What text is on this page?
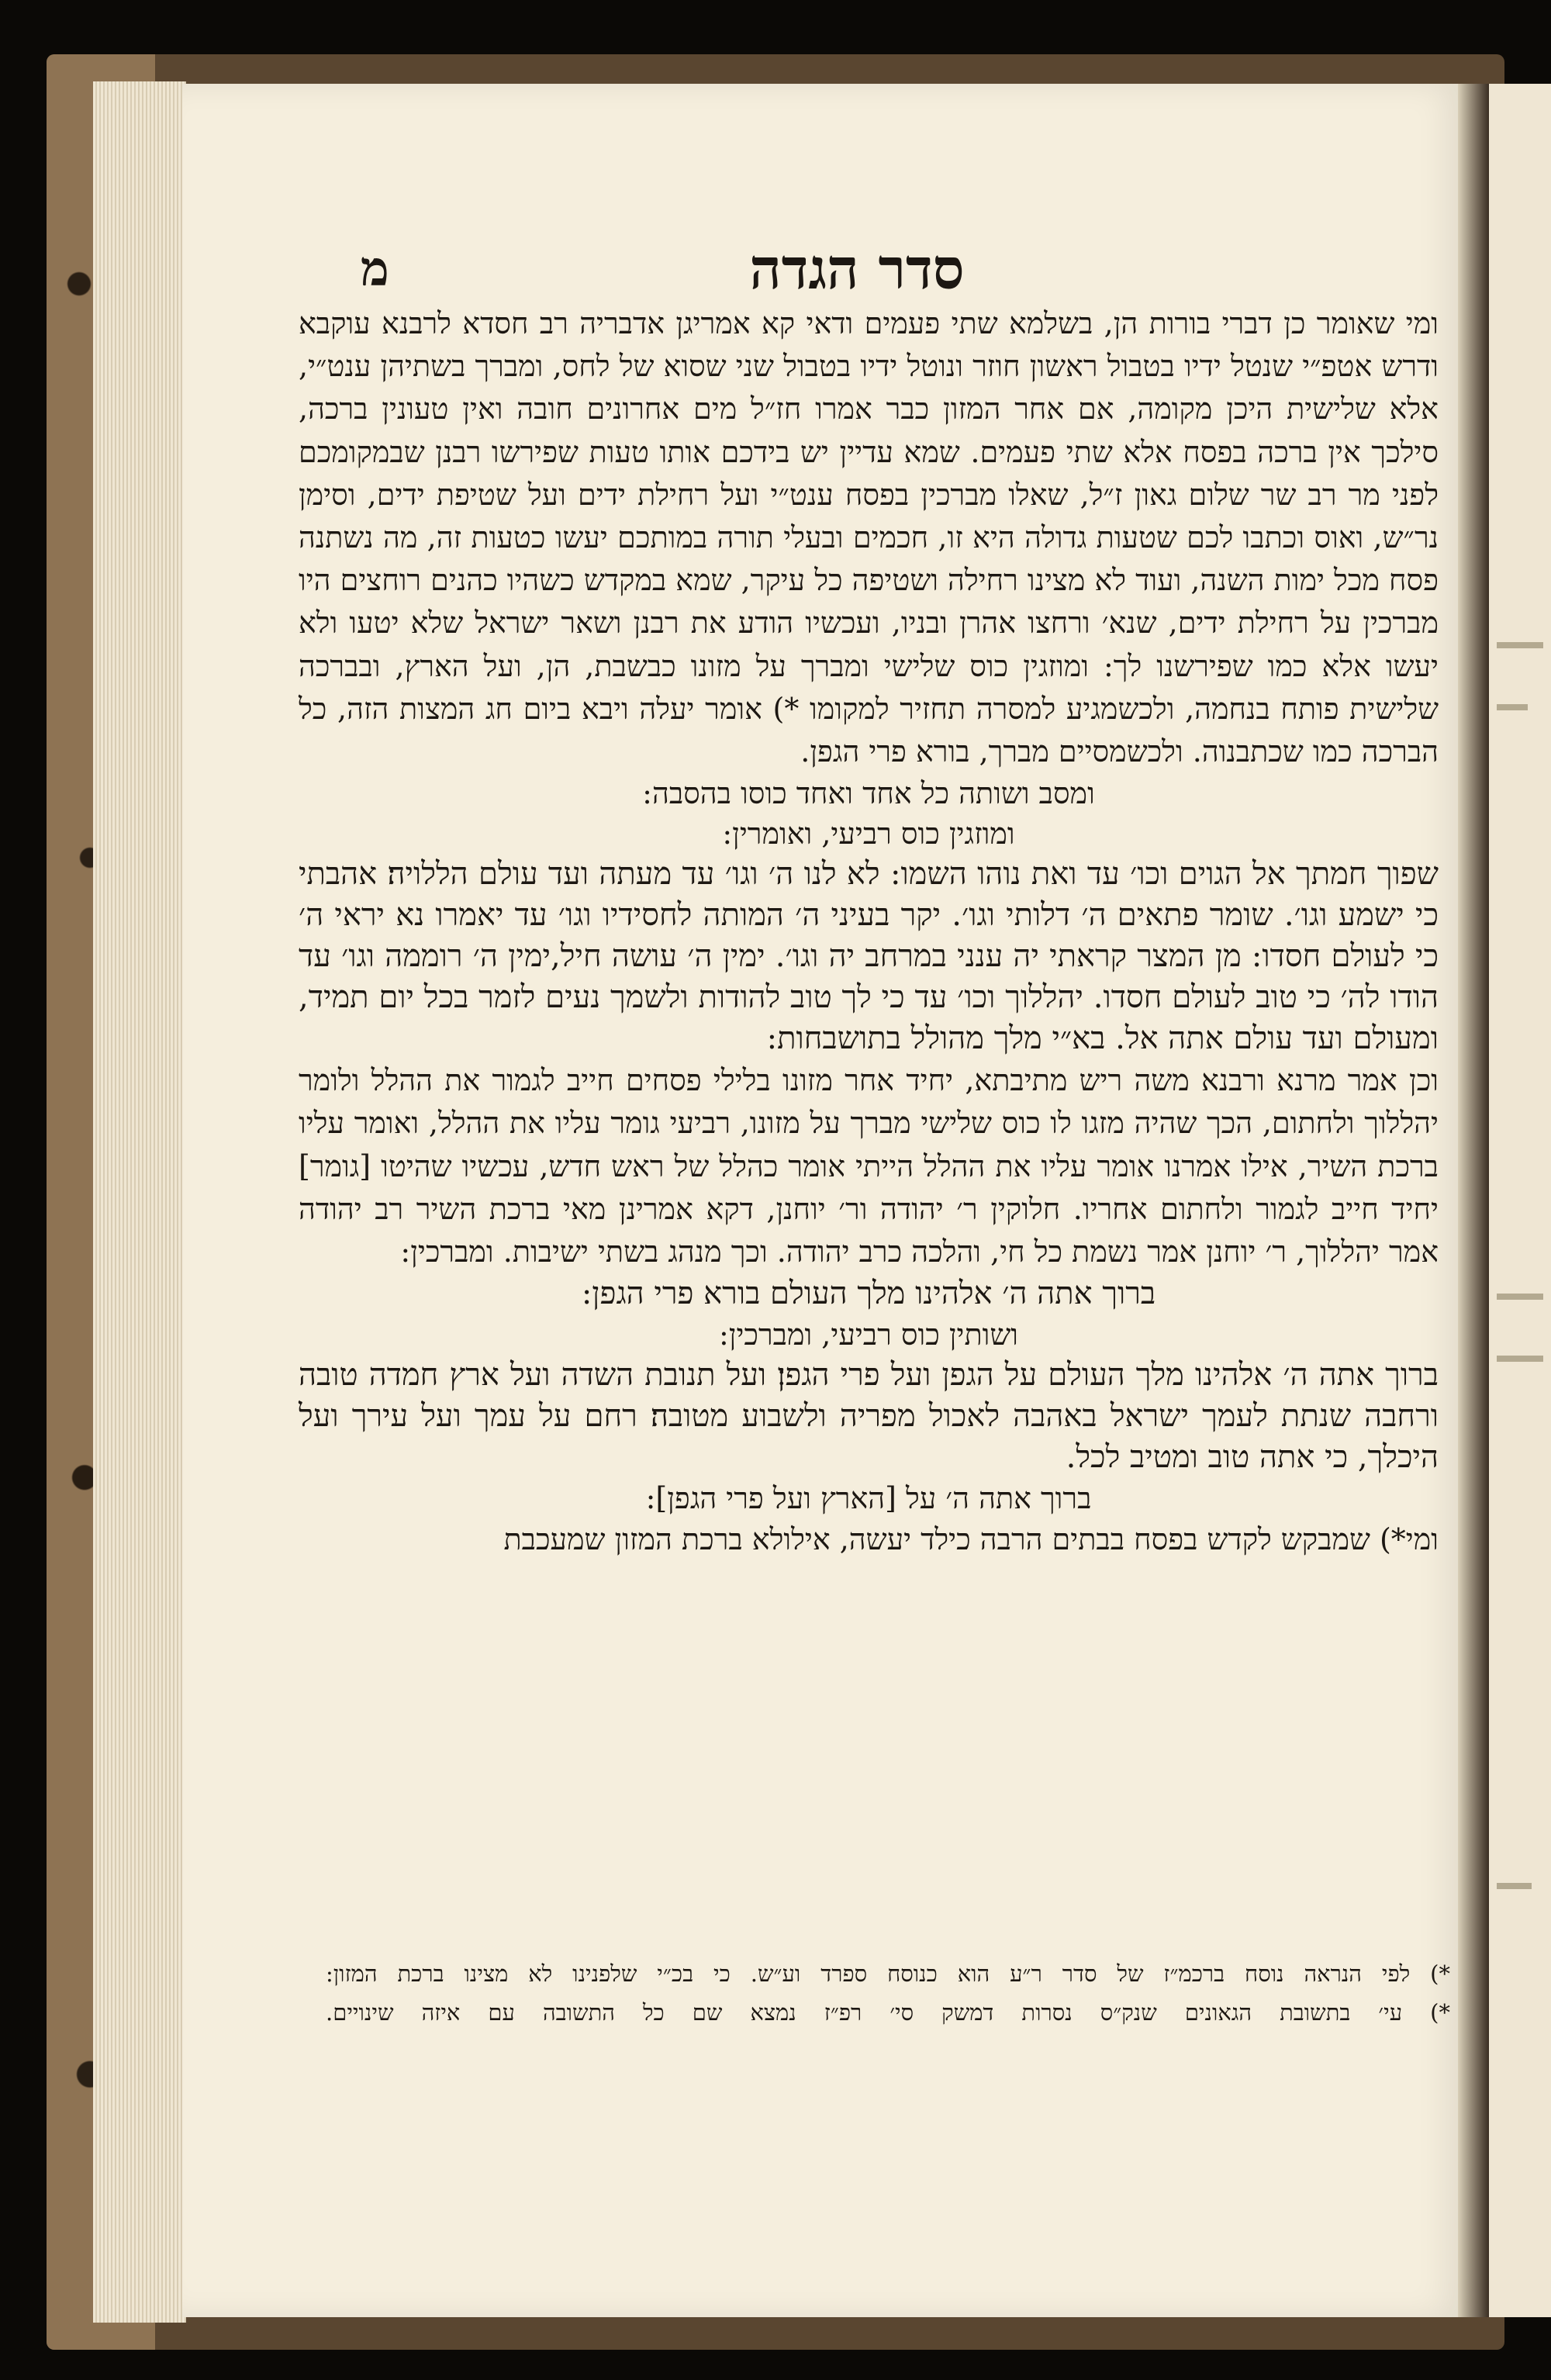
מ	סדר הגדה

ומי שאומר כן דברי בורות הן, בשלמא שתי פעמים ודאי קא אמריגן אדבריה רב חסדא לרבנא עוקבא ודרש אטפ״י שנטל ידיו בטבול ראשון חוזר ונוטל ידיו בטבול שני שסוא של לחס, ומברך בשתיהן ענט״י, אלא שלישית היכן מקומה, אם אחר המזון כבר אמרו חז״ל מים אחרונים חובה ואין טעונין ברכה, סילכך אין ברכה בפסח אלא שתי פעמים. שמא עדיין יש בידכם אותו טעות שפירשו רבנן שבמקומכם לפני מר רב שר שלום גאון ז״ל, שאלו מברכין בפסח ענט״י ועל רחילת ידים ועל שטיפת ידים, וסימן נר״ש, ואוס וכתבו לכם שטעות גדולה היא זו, חכמים ובעלי תורה במותכם יעשו כטעות זה, מה נשתנה פסח מכל ימות השנה, ועוד לא מצינו רחילה ושטיפה כל עיקר, שמא במקדש כשהיו כהנים רוחצים היו מברכין על רחילת ידים, שנא׳ ורחצו אהרן ובניו, ועכשיו הודע את רבנן ושאר ישראל שלא יטעו ולא יעשו אלא כמו שפירשנו לך: ומוזגין כוס שלישי ומברך על מזונו כבשבת, הן, ועל הארץ, ובברכה שלישית פותח בנחמה, ולכשמגיע למסרה תחזיר למקומו *) אומר יעלה ויבא ביום חג המצות הזה, כל הברכה כמו שכתבנוה. ולכשמסיים מברך, בורא פרי הגפן.

ומסב ושותה כל אחד ואחד כוסו בהסבה:

ומוזגין כוס רביעי, ואומרין:

שפוך חמתך אל הגוים וכו׳ עד ואת נוהו השמו: לא לנו ה׳ וגו׳ עד מעתה ועד עולם הללויה׃ אהבתי כי ישמע וגו׳. שומר פתאים ה׳ דלותי וגו׳. יקר בעיני ה׳ המותה לחסידיו וגו׳ עד יאמרו נא יראי ה׳ כי לעולם חסדו: מן המצר קראתי יה ענני במרחב יה וגו׳. ימין ה׳ עושה חיל,ימין ה׳ רוממה וגו׳ עד הודו לה׳ כי טוב לעולם חסדו. יהללוך וכו׳ עד כי לך טוב להודות ולשמך נעים לזמר בכל יום תמיד, ומעולם ועד עולם אתה אל. בא״י מלך מהולל בתושבחות:

וכן אמר מרנא ורבנא משה ריש מתיבתא, יחיד אחר מזונו בלילי פסחים חייב לגמור את ההלל ולומר יהללוך ולחתום, הכך שהיה מזגו לו כוס שלישי מברך על מזונו, רביעי גומר עליו את ההלל, ואומר עליו ברכת השיר, אילו אמרנו אומר עליו את ההלל הייתי אומר כהלל של ראש חדש, עכשיו שהיטו [גומר] יחיד חייב לגמור ולחתום אחריו. חלוקין ר׳ יהודה ור׳ יוחנן, דקא אמרינן מאי ברכת השיר רב יהודה אמר יהללוך, ר׳ יוחנן אמר נשמת כל חי, והלכה כרב יהודה. וכך מנהג בשתי ישיבות. ומברכין:

ברוך אתה ה׳ אלהינו מלך העולם בורא פרי הגפן:

ושותין כוס רביעי, ומברכין:

ברוך אתה ה׳ אלהינו מלך העולם על הגפן ועל פרי הגפן׃ ועל תנובת השדה ועל ארץ חמדה טובה ורחבה שנתת לעמך ישראל באהבה לאכול מפריה ולשבוע מטובה׃ רחם על עמך ועל עירך ועל היכלך, כי אתה טוב ומטיב לכל.

ברוך אתה ה׳ על [הארץ ועל פרי הגפן]:

ומי*) שמבקש לקדש בפסח בבתים הרבה כילד יעשה, אילולא ברכת המזון שמעכבת

*) לפי הנראה נוסח ברכמ״ז של סדר ר״ע הוא כנוסח ספרד וע״ש. כי בכ״י שלפנינו לא מצינו ברכת המזון:

*) עי׳ בתשובת הגאונים שנק״ס נסרות דמשק סי׳ רפ״ז נמצא שם כל התשובה עם איזה שינויים.
